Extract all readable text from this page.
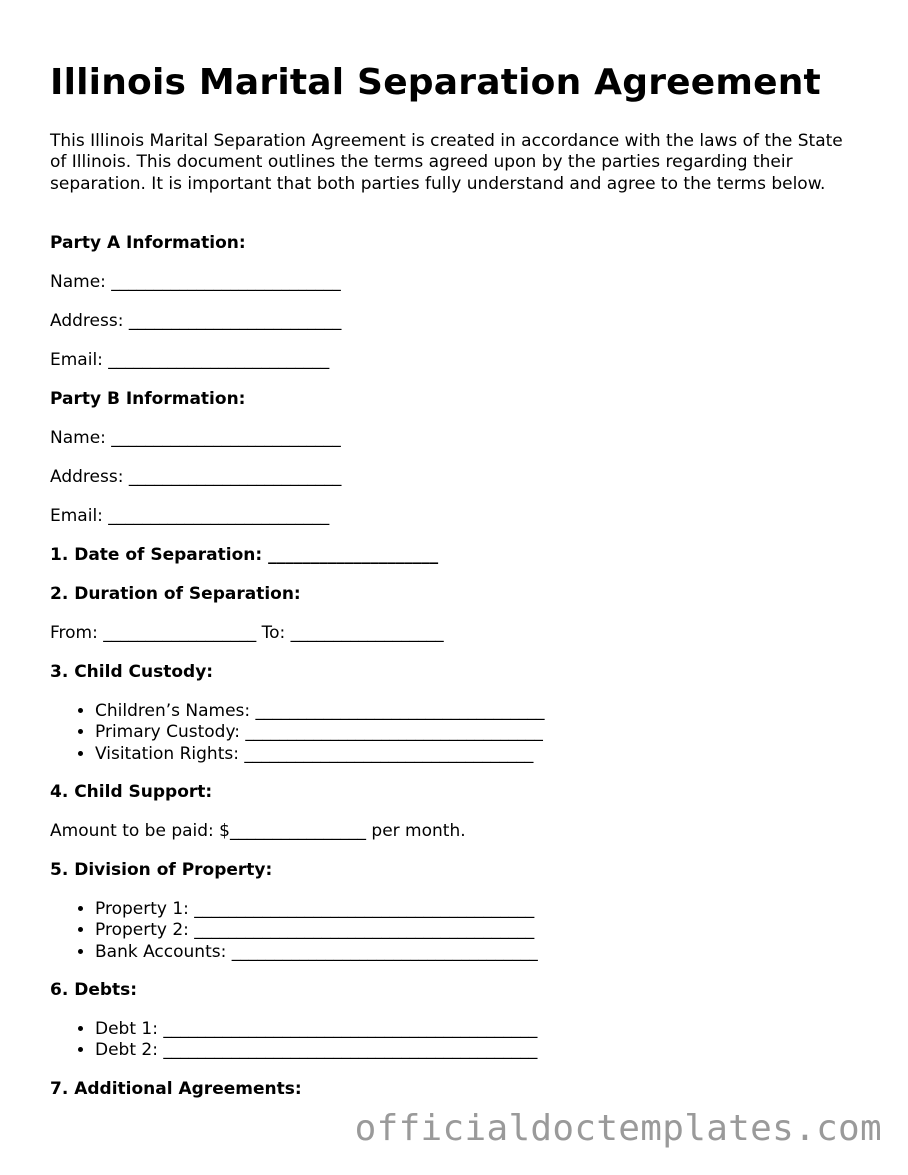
Illinois Marital Separation Agreement

This Illinois Marital Separation Agreement is created in accordance with the laws of the State of Illinois. This document outlines the terms agreed upon by the parties regarding their separation. It is important that both parties fully understand and agree to the terms below.

Party A Information:
Name: ___________________________
Address: _________________________
Email: __________________________
Party B Information:
Name: ___________________________
Address: _________________________
Email: __________________________
1. Date of Separation: ____________________
2. Duration of Separation:
From: __________________ To: __________________
3. Child Custody:
• Children’s Names: __________________________________
• Primary Custody: ___________________________________
• Visitation Rights: __________________________________
4. Child Support:
Amount to be paid: $________________ per month.
5. Division of Property:
• Property 1: ________________________________________
• Property 2: ________________________________________
• Bank Accounts: ____________________________________
6. Debts:
• Debt 1: ____________________________________________
• Debt 2: ____________________________________________
7. Additional Agreements:
officialdoctemplates.com
